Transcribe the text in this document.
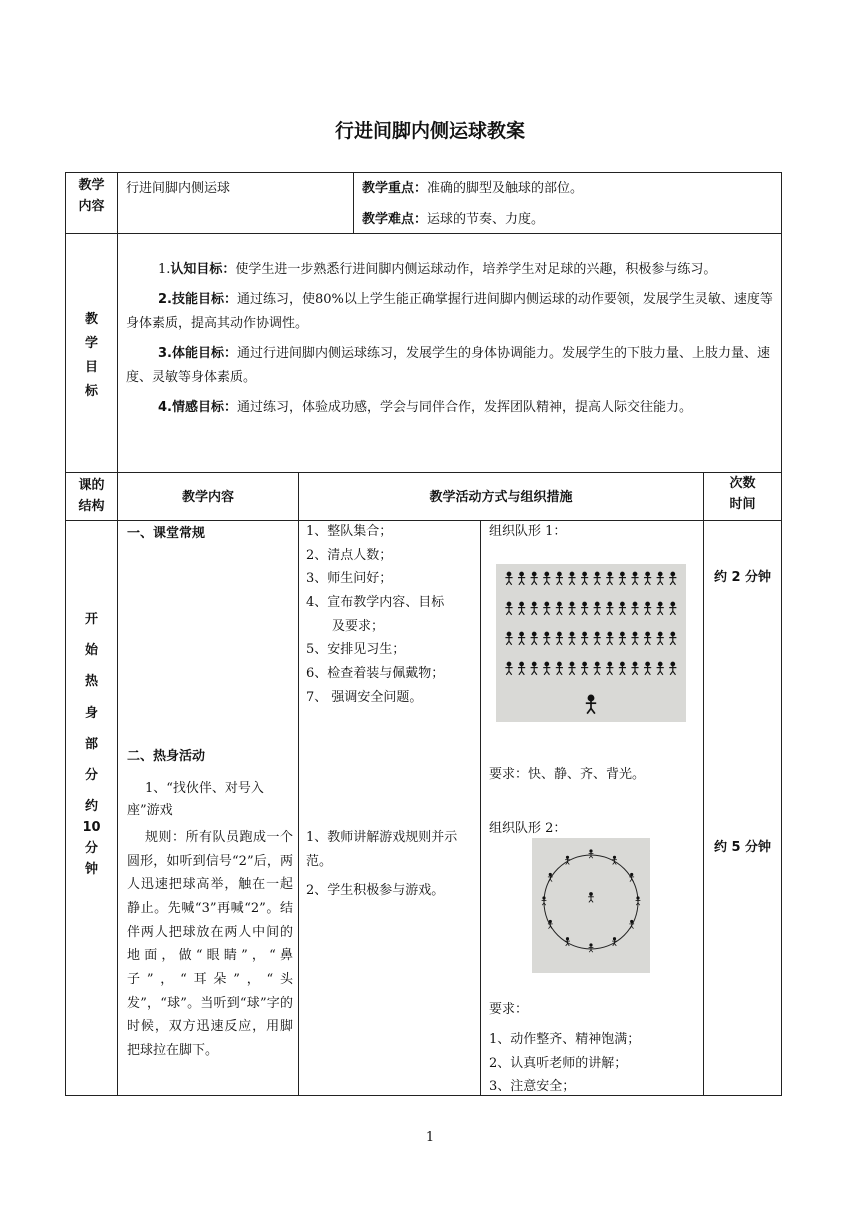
行进间脚内侧运球教案
教学内容
行进间脚内侧运球	教学重点：准确的脚型及触球的部位。
教学难点：运球的节奏、力度。
教
学
目
标

1.认知目标：使学生进一步熟悉行进间脚内侧运球动作，培养学生对足球的兴趣，积极参与练习。

2.技能目标：通过练习，使80%以上学生能正确掌握行进间脚内侧运球的动作要领，发展学生灵敏、速度等身体素质，提高其动作协调性。

3.体能目标：通过行进间脚内侧运球练习，发展学生的身体协调能力。发展学生的下肢力量、上肢力量、速度、灵敏等身体素质。

4.情感目标：通过练习，体验成功感，学会与同伴合作，发挥团队精神，提高人际交往能力。

课的结构
教学内容	教学活动方式与组织措施
次数
时间
开
始
热
身
部
分
约
10
分
钟
一、课堂常规
二、热身活动
1、“找伙伴、对号入座”游戏
规则：所有队员跑成一个圆形，如听到信号“2”后，两人迅速把球高举，触在一起静止。先喊“3”再喊“2”。结伴两人把球放在两人中间的地面，做“眼睛”，“鼻子”，“耳朵”，“头发”，“球”。当听到“球”字的时候，双方迅速反应，用脚把球拉在脚下。
1、整队集合；
2、清点人数；
3、师生问好；
4、宣布教学内容、目标
及要求；
5、安排见习生；
6、检查着装与佩戴物；
7、 强调安全问题。

1、教师讲解游戏规则并示范。

2、学生积极参与游戏。

组织队形 1：
要求：快、静、齐、背光。
组织队形 2：
要求：
1、动作整齐、精神饱满；
2、认真听老师的讲解；
3、注意安全；
约 2 分钟
约 5 分钟
1
